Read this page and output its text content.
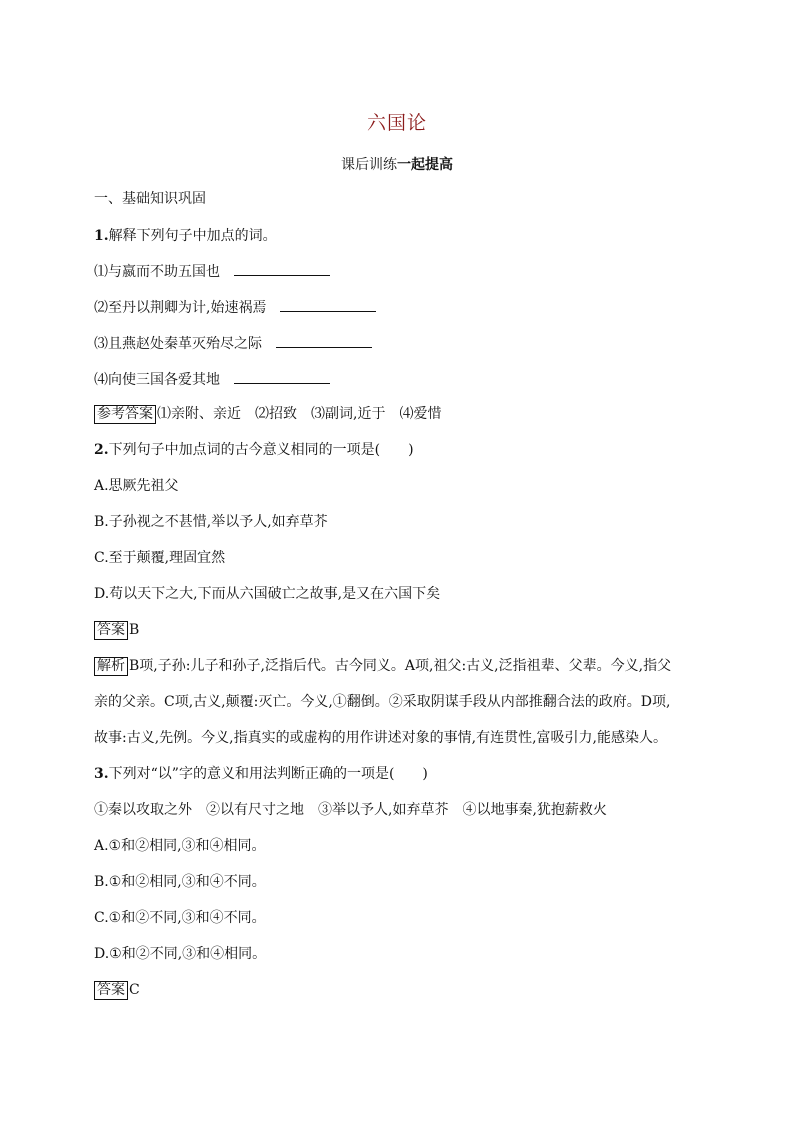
六国论
课后训练一起提高
一、基础知识巩固
1.解释下列句子中加点的词。
⑴与嬴而不助五国也
⑵至丹以荆卿为计,始速祸焉
⑶且燕赵处秦革灭殆尽之际
⑷向使三国各爱其地
参考答案 ⑴亲附、亲近　⑵招致　⑶副词,近于　⑷爱惜
2.下列句子中加点词的古今意义相同的一项是(　　)
A.思厥先祖父
B.子孙视之不甚惜,举以予人,如弃草芥
C.至于颠覆,理固宜然
D.苟以天下之大,下而从六国破亡之故事,是又在六国下矣
答案 B
解析 B项,子孙:儿子和孙子,泛指后代。古今同义。A项,祖父:古义,泛指祖辈、父辈。今义,指父
亲的父亲。C项,古义,颠覆:灭亡。今义,①翻倒。②采取阴谋手段从内部推翻合法的政府。D项,
故事:古义,先例。今义,指真实的或虚构的用作讲述对象的事情,有连贯性,富吸引力,能感染人。
3.下列对“以”字的意义和用法判断正确的一项是(　　)
①秦以攻取之外　②以有尺寸之地　③举以予人,如弃草芥　④以地事秦,犹抱薪救火
A.①和②相同,③和④相同。
B.①和②相同,③和④不同。
C.①和②不同,③和④不同。
D.①和②不同,③和④相同。
答案 C
